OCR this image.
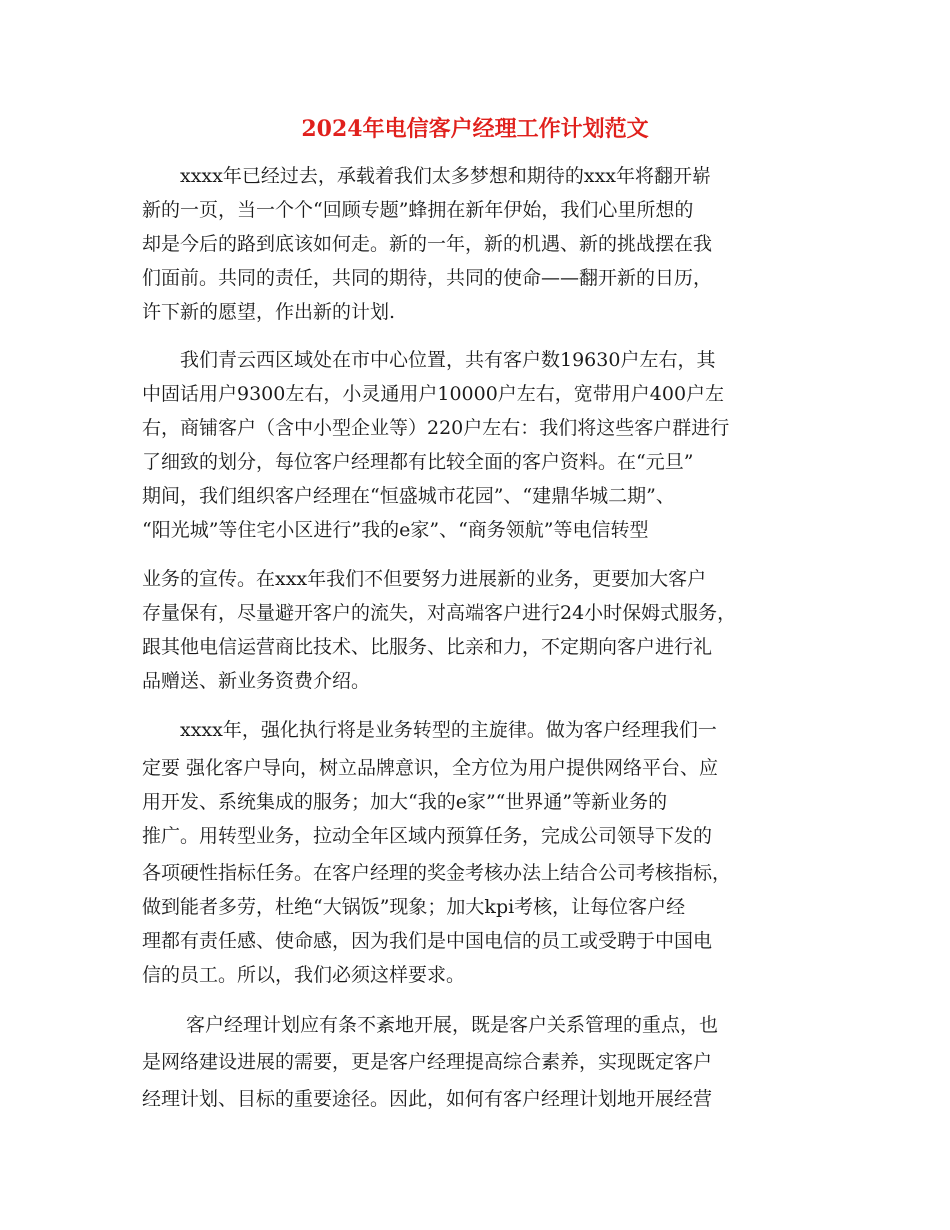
2024年电信客户经理工作计划范文

xxxx年已经过去，承载着我们太多梦想和期待的xxx年将翻开崭

新的一页，当一个个“回顾专题”蜂拥在新年伊始，我们心里所想的

却是今后的路到底该如何走。新的一年，新的机遇、新的挑战摆在我

们面前。共同的责任，共同的期待，共同的使命——翻开新的日历，

许下新的愿望，作出新的计划.

我们青云西区域处在市中心位置，共有客户数19630户左右，其

中固话用户9300左右，小灵通用户10000户左右，宽带用户400户左

右，商铺客户（含中小型企业等）220户左右：我们将这些客户群进行

了细致的划分，每位客户经理都有比较全面的客户资料。在“元旦”

期间，我们组织客户经理在“恒盛城市花园”、“建鼎华城二期”、

“阳光城”等住宅小区进行”我的e家”、“商务领航”等电信转型

业务的宣传。在xxx年我们不但要努力进展新的业务，更要加大客户

存量保有，尽量避开客户的流失，对高端客户进行24小时保姆式服务，

跟其他电信运营商比技术、比服务、比亲和力，不定期向客户进行礼

品赠送、新业务资费介绍。

xxxx年，强化执行将是业务转型的主旋律。做为客户经理我们一

定要 强化客户导向，树立品牌意识，全方位为用户提供网络平台、应

用开发、系统集成的服务；加大“我的e家”“世界通”等新业务的

推广。用转型业务，拉动全年区域内预算任务，完成公司领导下发的

各项硬性指标任务。在客户经理的奖金考核办法上结合公司考核指标，

做到能者多劳，杜绝“大锅饭”现象；加大kpi考核，让每位客户经

理都有责任感、使命感，因为我们是中国电信的员工或受聘于中国电

信的员工。所以，我们必须这样要求。

客户经理计划应有条不紊地开展，既是客户关系管理的重点，也

是网络建设进展的需要，更是客户经理提高综合素养，实现既定客户

经理计划、目标的重要途径。因此，如何有客户经理计划地开展经营
